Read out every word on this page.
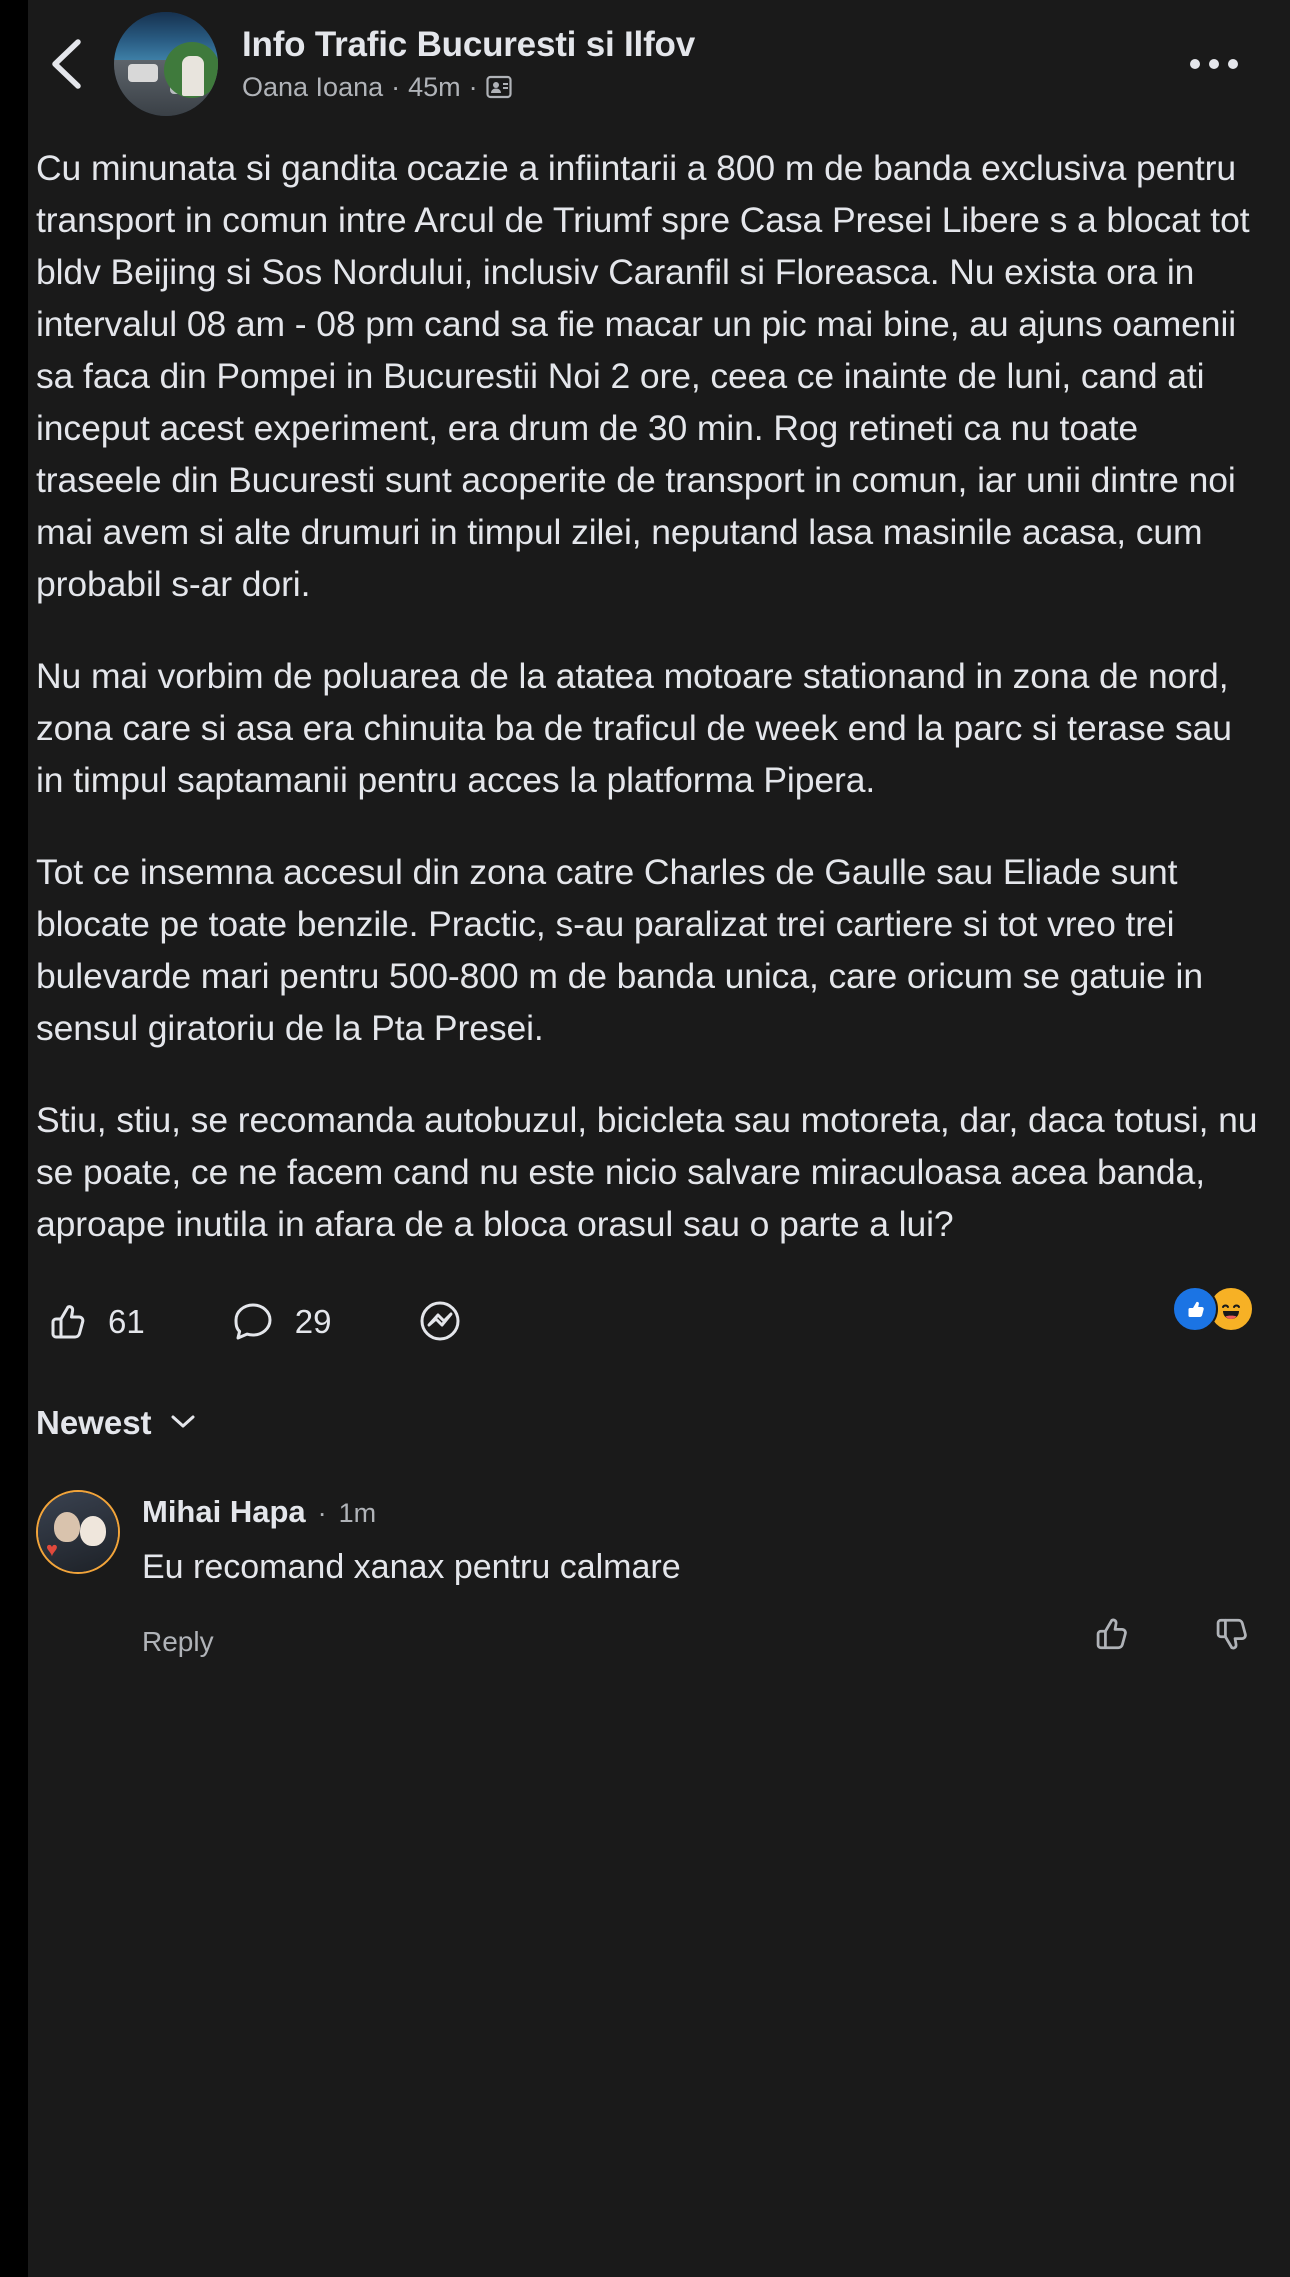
Info Trafic Bucuresti si Ilfov
Oana Ioana · 45m ·

Cu minunata si gandita ocazie a infiintarii a 800 m de banda exclusiva pentru transport in comun intre Arcul de Triumf spre Casa Presei Libere s a blocat tot bldv Beijing si Sos Nordului, inclusiv Caranfil si Floreasca. Nu exista ora in intervalul 08 am - 08 pm cand sa fie macar un pic mai bine, au ajuns oamenii sa faca din Pompei in Bucurestii Noi 2 ore, ceea ce inainte de luni, cand ati inceput acest experiment, era drum de 30 min. Rog retineti ca nu toate traseele din Bucuresti sunt acoperite de transport in comun, iar unii dintre noi mai avem si alte drumuri in timpul zilei, neputand lasa masinile acasa, cum probabil s-ar dori.

Nu mai vorbim de poluarea de la atatea motoare stationand in zona de nord, zona care si asa era chinuita ba de traficul de week end la parc si terase sau in timpul saptamanii pentru acces la platforma Pipera.

Tot ce insemna accesul din zona catre Charles de Gaulle sau Eliade sunt blocate pe toate benzile. Practic, s-au paralizat trei cartiere si tot vreo trei bulevarde mari pentru 500-800 m de banda unica, care oricum se gatuie in sensul giratoriu de la Pta Presei.

Stiu, stiu, se recomanda autobuzul, bicicleta sau motoreta, dar, daca totusi, nu se poate, ce ne facem cand nu este nicio salvare miraculoasa acea banda, aproape inutila in afara de a bloca orasul sau o parte a lui?

61	29
Newest
♥
Mihai Hapa · 1m
Eu recomand xanax pentru calmare
Reply
